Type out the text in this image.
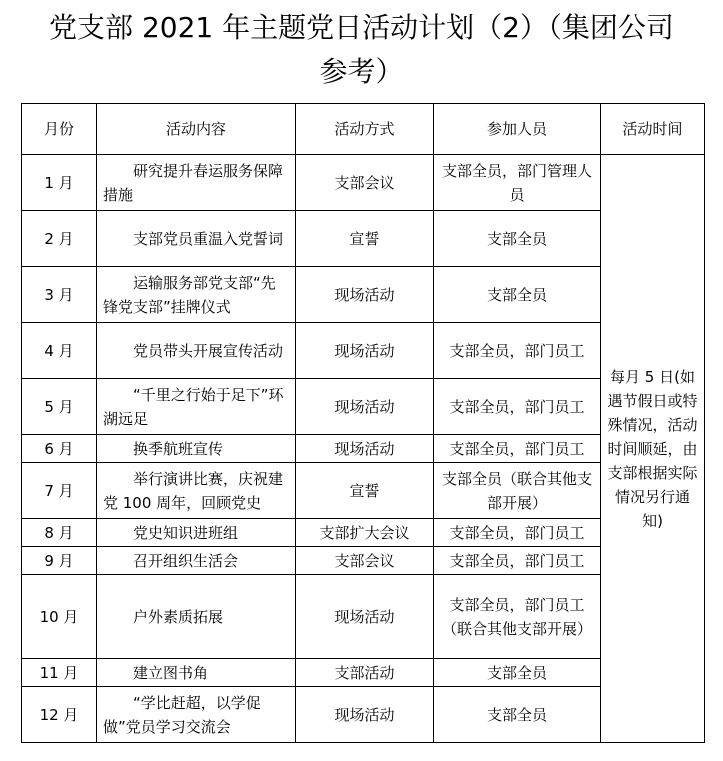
党支部 2021 年主题党日活动计划（2）（集团公司
参考）
月份	活动内容	活动方式	参加人员	活动时间
1 月	研究提升春运服务保障措施	支部会议	支部全员，部门管理人员	每月 5 日(如遇节假日或特殊情况，活动时间顺延，由支部根据实际情况另行通知)
2 月	支部党员重温入党誓词	宣誓	支部全员	
3 月	运输服务部党支部“先锋党支部”挂牌仪式	现场活动	支部全员	
4 月	党员带头开展宣传活动	现场活动	支部全员，部门员工	
5 月	“千里之行始于足下”环湖远足	现场活动	支部全员，部门员工	
6 月	换季航班宣传	现场活动	支部全员，部门员工	
7 月	举行演讲比赛，庆祝建党 100 周年，回顾党史	宣誓	支部全员（联合其他支部开展）	
8 月	党史知识进班组	支部扩大会议	支部全员，部门员工	
9 月	召开组织生活会	支部会议	支部全员，部门员工	
10 月	户外素质拓展	现场活动	支部全员，部门员工（联合其他支部开展）	
11 月	建立图书角	支部活动	支部全员	
12 月	“学比赶超，以学促做”党员学习交流会	现场活动	支部全员	
